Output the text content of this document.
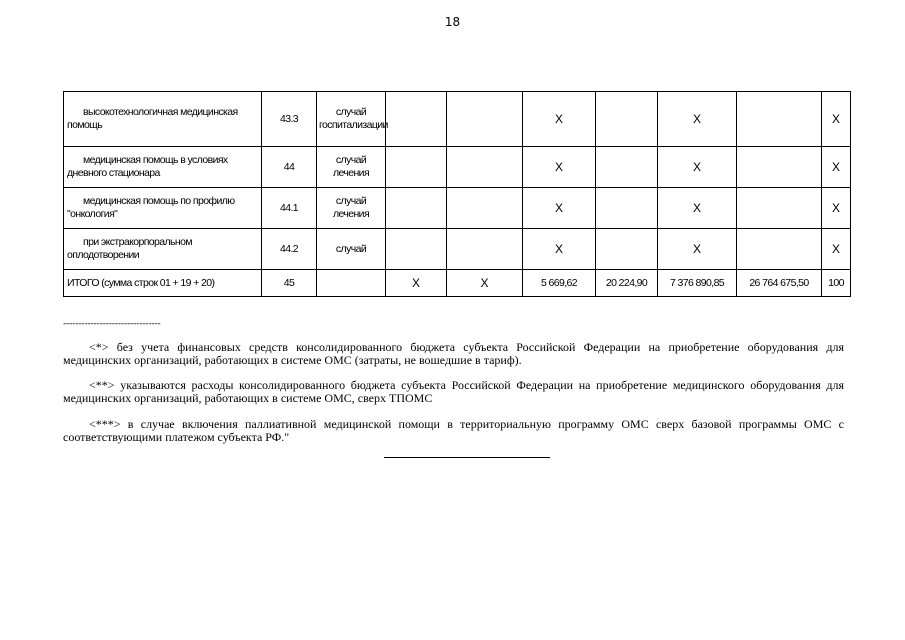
18
высокотехнологичная медицинская помощь	43.3	случай госпитализации			X		X		X

медицинская помощь в условиях дневного стационара	44	случай лечения			X		X		X

медицинская помощь по профилю "онкология"	44.1	случай лечения			X		X		X

при экстракорпоральном оплодотворении	44.2	случай			X		X		X
ИТОГО (сумма строк 01 + 19 + 20)	45		X	X	5 669,62	20 224,90	7 376 890,85	26 764 675,50	100
--------------------------------
<*> без учета финансовых средств консолидированного бюджета субъекта Российской Федерации на приобретение оборудования для медицинских организаций, работающих в системе ОМС (затраты, не вошедшие в тариф).
<**> указываются расходы консолидированного бюджета субъекта Российской Федерации на приобретение медицинского оборудования для медицинских организаций, работающих в системе ОМС, сверх ТПОМС
<***> в случае включения паллиативной медицинской помощи в территориальную программу ОМС сверх базовой программы ОМС с соответствующими платежом субъекта РФ."
